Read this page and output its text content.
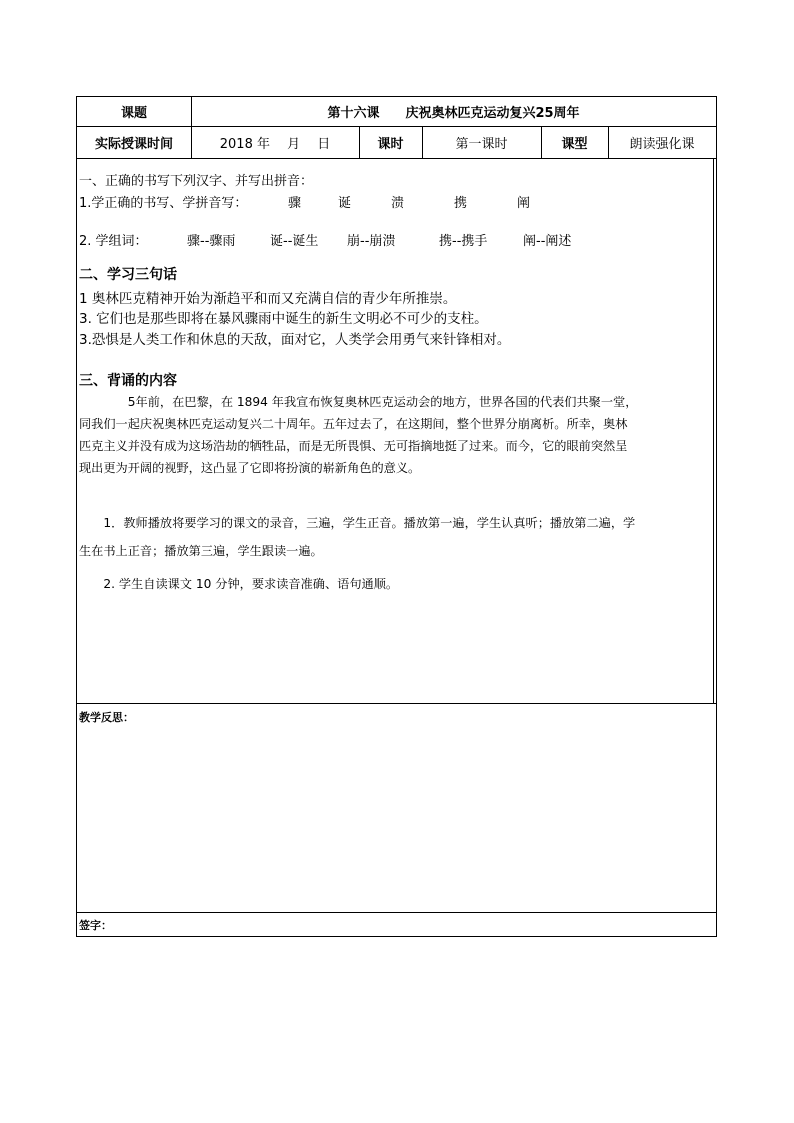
课题	第十六课　　庆祝奥林匹克运动复兴25周年
实际授课时间	2018 年　 月　 日	课时	第一课时	课型	朗读强化课
一、正确的书写下列汉字、并写出拼音：
1.学正确的书写、学拼音写：	骤	诞	溃	携	阐
2. 学组词：	骤--骤雨	诞--诞生 崩--崩溃	携--携手	阐--阐述
二、学习三句话
1 奥林匹克精神开始为渐趋平和而又充满自信的青少年所推崇。
3. 它们也是那些即将在暴风骤雨中诞生的新生文明必不可少的支柱。
3.恐惧是人类工作和休息的天敌，面对它，人类学会用勇气来针锋相对。
三、背诵的内容
　　　　5年前，在巴黎，在 1894 年我宣布恢复奥林匹克运动会的地方，世界各国的代表们共聚一堂，
同我们一起庆祝奥林匹克运动复兴二十周年。五年过去了，在这期间，整个世界分崩离析。所幸，奥林
匹克主义并没有成为这场浩劫的牺牲品，而是无所畏惧、无可指摘地挺了过来。而今，它的眼前突然呈
现出更为开阔的视野，这凸显了它即将扮演的崭新角色的意义。
　　1．教师播放将要学习的课文的录音，三遍，学生正音。播放第一遍，学生认真听；播放第二遍，学
生在书上正音；播放第三遍，学生跟读一遍。
　　2. 学生自读课文 10 分钟，要求读音准确、语句通顺。
教学反思：
签字：
